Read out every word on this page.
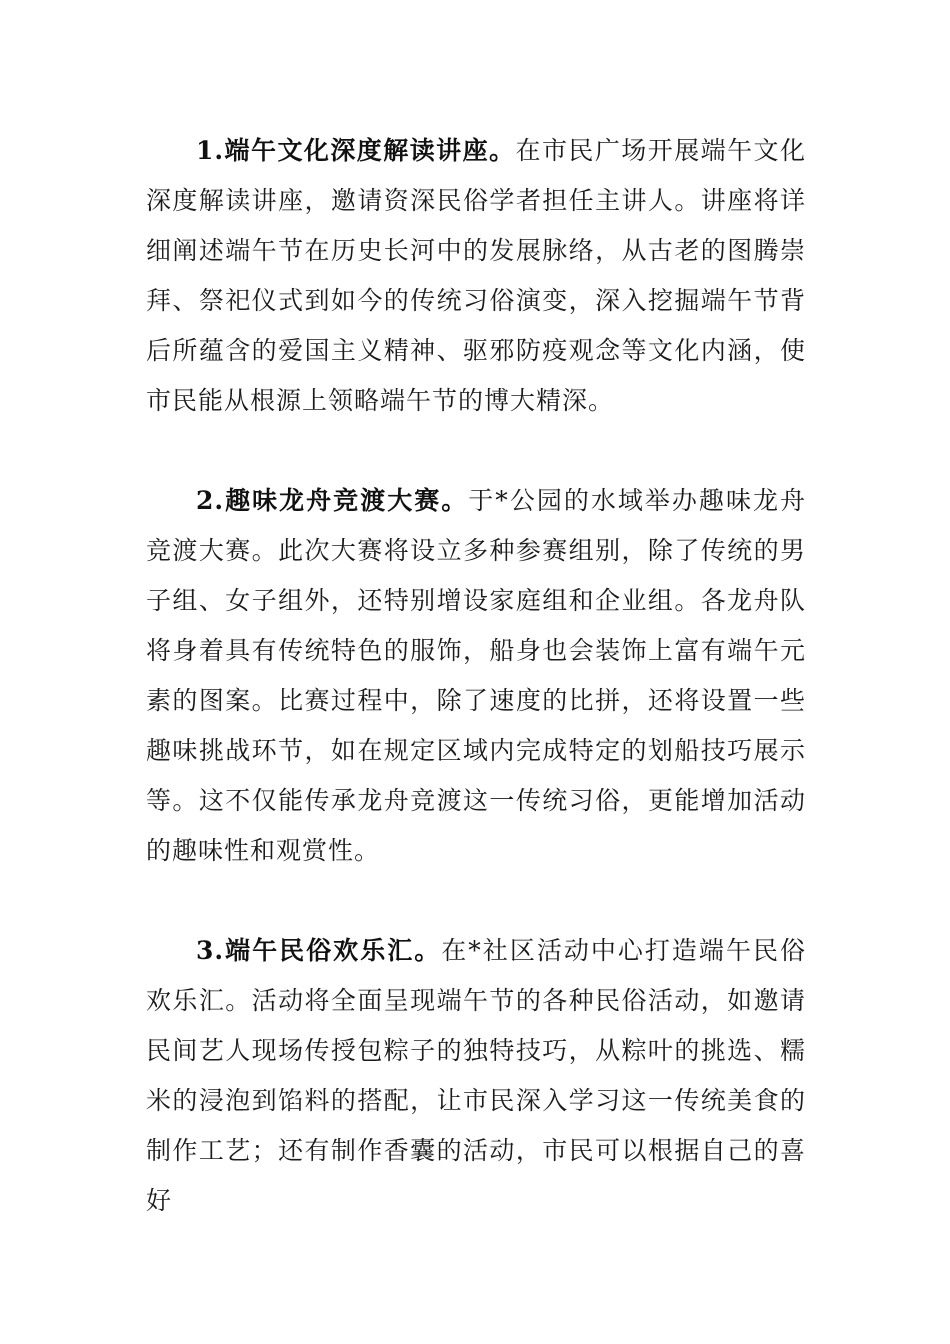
1.端午文化深度解读讲座。在市民广场开展端午文化深度解读讲座，邀请资深民俗学者担任主讲人。讲座将详细阐述端午节在历史长河中的发展脉络，从古老的图腾崇拜、祭祀仪式到如今的传统习俗演变，深入挖掘端午节背后所蕴含的爱国主义精神、驱邪防疫观念等文化内涵，使市民能从根源上领略端午节的博大精深。

2.趣味龙舟竞渡大赛。于*公园的水域举办趣味龙舟竞渡大赛。此次大赛将设立多种参赛组别，除了传统的男子组、女子组外，还特别增设家庭组和企业组。各龙舟队将身着具有传统特色的服饰，船身也会装饰上富有端午元素的图案。比赛过程中，除了速度的比拼，还将设置一些趣味挑战环节，如在规定区域内完成特定的划船技巧展示等。这不仅能传承龙舟竞渡这一传统习俗，更能增加活动的趣味性和观赏性。

3.端午民俗欢乐汇。在*社区活动中心打造端午民俗欢乐汇。活动将全面呈现端午节的各种民俗活动，如邀请民间艺人现场传授包粽子的独特技巧，从粽叶的挑选、糯米的浸泡到馅料的搭配，让市民深入学习这一传统美食的制作工艺；还有制作香囊的活动，市民可以根据自己的喜好
